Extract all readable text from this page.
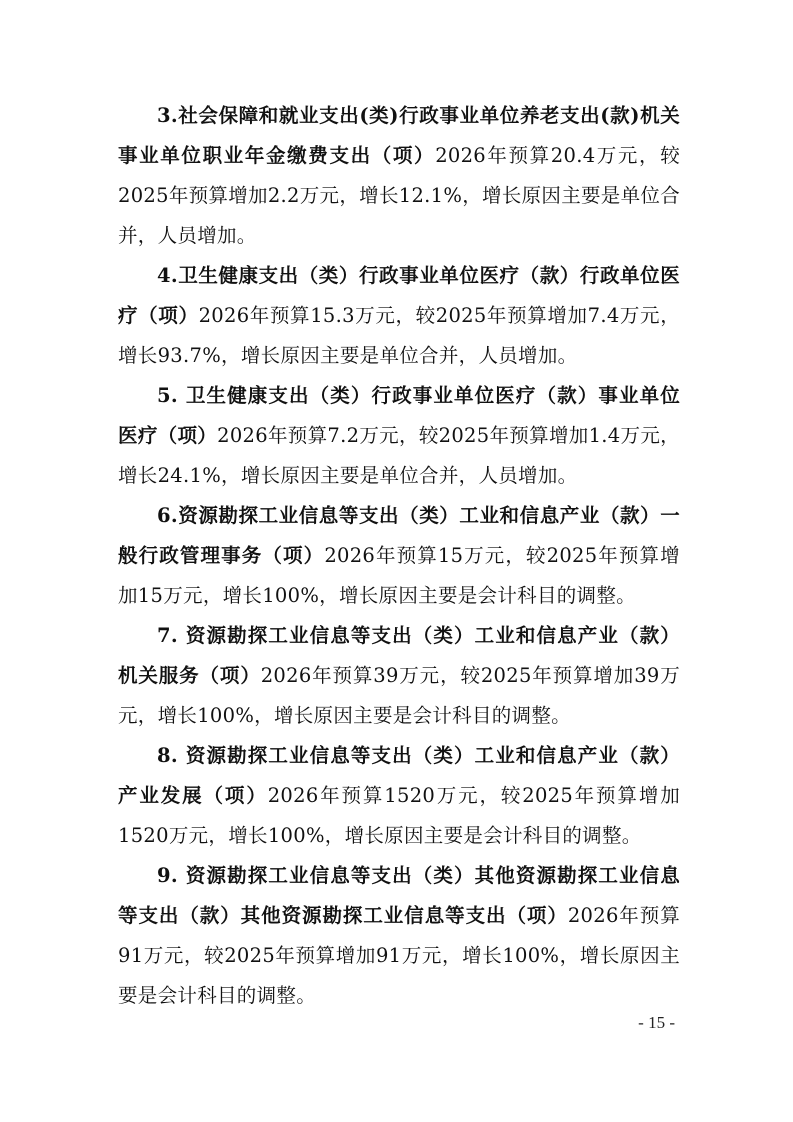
3.社会保障和就业支出(类)行政事业单位养老支出(款)机关事业单位职业年金缴费支出（项）2026年预算20.4万元，较2025年预算增加2.2万元，增长12.1%，增长原因主要是单位合并，人员增加。

4.卫生健康支出（类）行政事业单位医疗（款）行政单位医疗（项）2026年预算15.3万元，较2025年预算增加7.4万元，增长93.7%，增长原因主要是单位合并，人员增加。

5. 卫生健康支出（类）行政事业单位医疗（款）事业单位医疗（项）2026年预算7.2万元，较2025年预算增加1.4万元，增长24.1%，增长原因主要是单位合并，人员增加。

6.资源勘探工业信息等支出（类）工业和信息产业（款）一般行政管理事务（项）2026年预算15万元，较2025年预算增加15万元，增长100%，增长原因主要是会计科目的调整。

7. 资源勘探工业信息等支出（类）工业和信息产业（款）机关服务（项）2026年预算39万元，较2025年预算增加39万元，增长100%，增长原因主要是会计科目的调整。

8. 资源勘探工业信息等支出（类）工业和信息产业（款）产业发展（项）2026年预算1520万元，较2025年预算增加1520万元，增长100%，增长原因主要是会计科目的调整。

9. 资源勘探工业信息等支出（类）其他资源勘探工业信息等支出（款）其他资源勘探工业信息等支出（项）2026年预算91万元，较2025年预算增加91万元，增长100%，增长原因主要是会计科目的调整。

- 15 -
